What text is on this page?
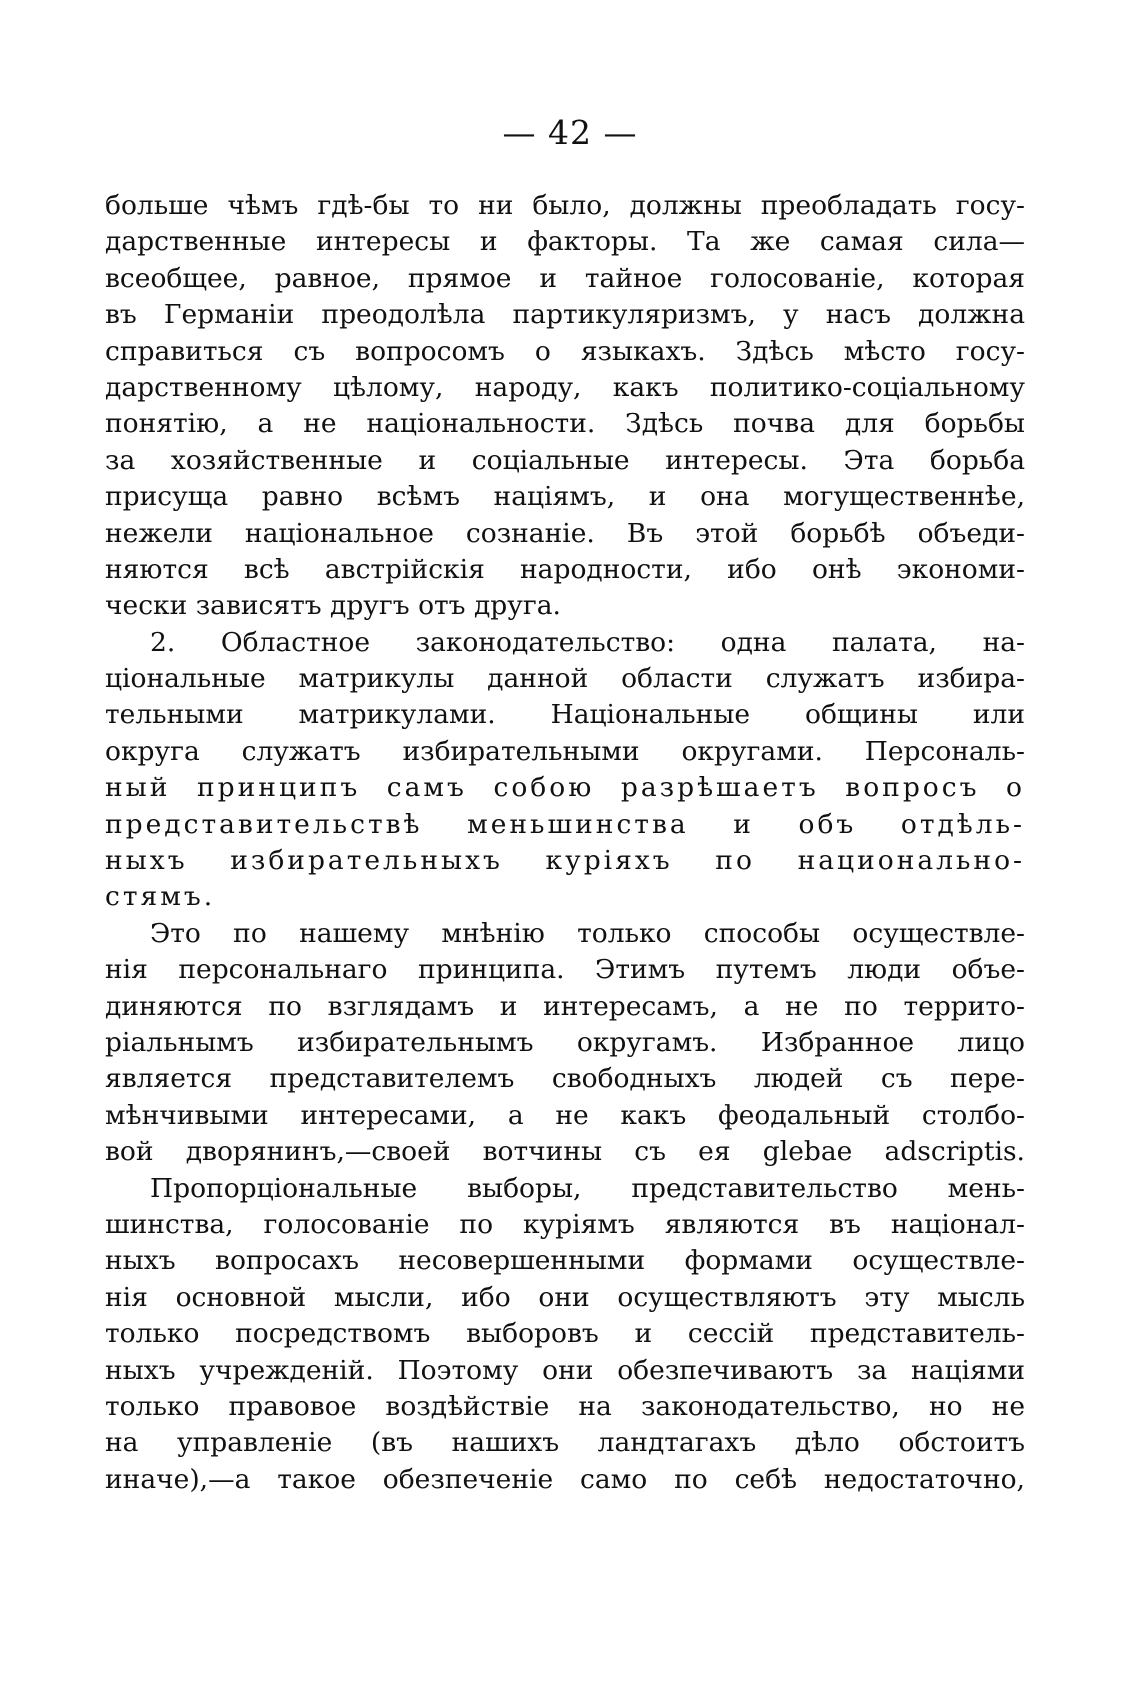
— 42 —
больше чѣмъ гдѣ-бы то ни было, должны преобладать госу-
дарственные интересы и факторы. Та же самая сила—
всеобщее, равное, прямое и тайное голосованіе, которая
въ Германіи преодолѣла партикуляризмъ, у насъ должна
справиться съ вопросомъ о языкахъ. Здѣсь мѣсто госу-
дарственному цѣлому, народу, какъ политико-соціальному
понятію, а не національности. Здѣсь почва для борьбы
за хозяйственные и соціальные интересы. Эта борьба
присуща равно всѣмъ націямъ, и она могущественнѣе,
нежели національное сознаніе. Въ этой борьбѣ объеди-
няются всѣ австрійскія народности, ибо онѣ экономи-
чески зависятъ другъ отъ друга.
2. Областное законодательство: одна палата, на-
ціональные матрикулы данной области служатъ избира-
тельными матрикулами. Національные общины или
округа служатъ избирательными округами. Персональ-
ный принципъ самъ собою разрѣшаетъ вопросъ о
представительствѣ меньшинства и объ отдѣль-
ныхъ избирательныхъ куріяхъ по национально-
стямъ.
Это по нашему мнѣнію только способы осуществле-
нія персональнаго принципа. Этимъ путемъ люди объе-
диняются по взглядамъ и интересамъ, а не по террито-
ріальнымъ избирательнымъ округамъ. Избранное лицо
является представителемъ свободныхъ людей съ пере-
мѣнчивыми интересами, а не какъ феодальный столбо-
вой дворянинъ,—своей вотчины съ ея glebae adscriptis.
Пропорціональные выборы, представительство мень-
шинства, голосованіе по куріямъ являются въ націонал-
ныхъ вопросахъ несовершенными формами осуществле-
нія основной мысли, ибо они осуществляютъ эту мысль
только посредствомъ выборовъ и сессій представитель-
ныхъ учрежденій. Поэтому они обезпечиваютъ за націями
только правовое воздѣйствіе на законодательство, но не
на управленіе (въ нашихъ ландтагахъ дѣло обстоитъ
иначе),—а такое обезпеченіе само по себѣ недостаточно,
